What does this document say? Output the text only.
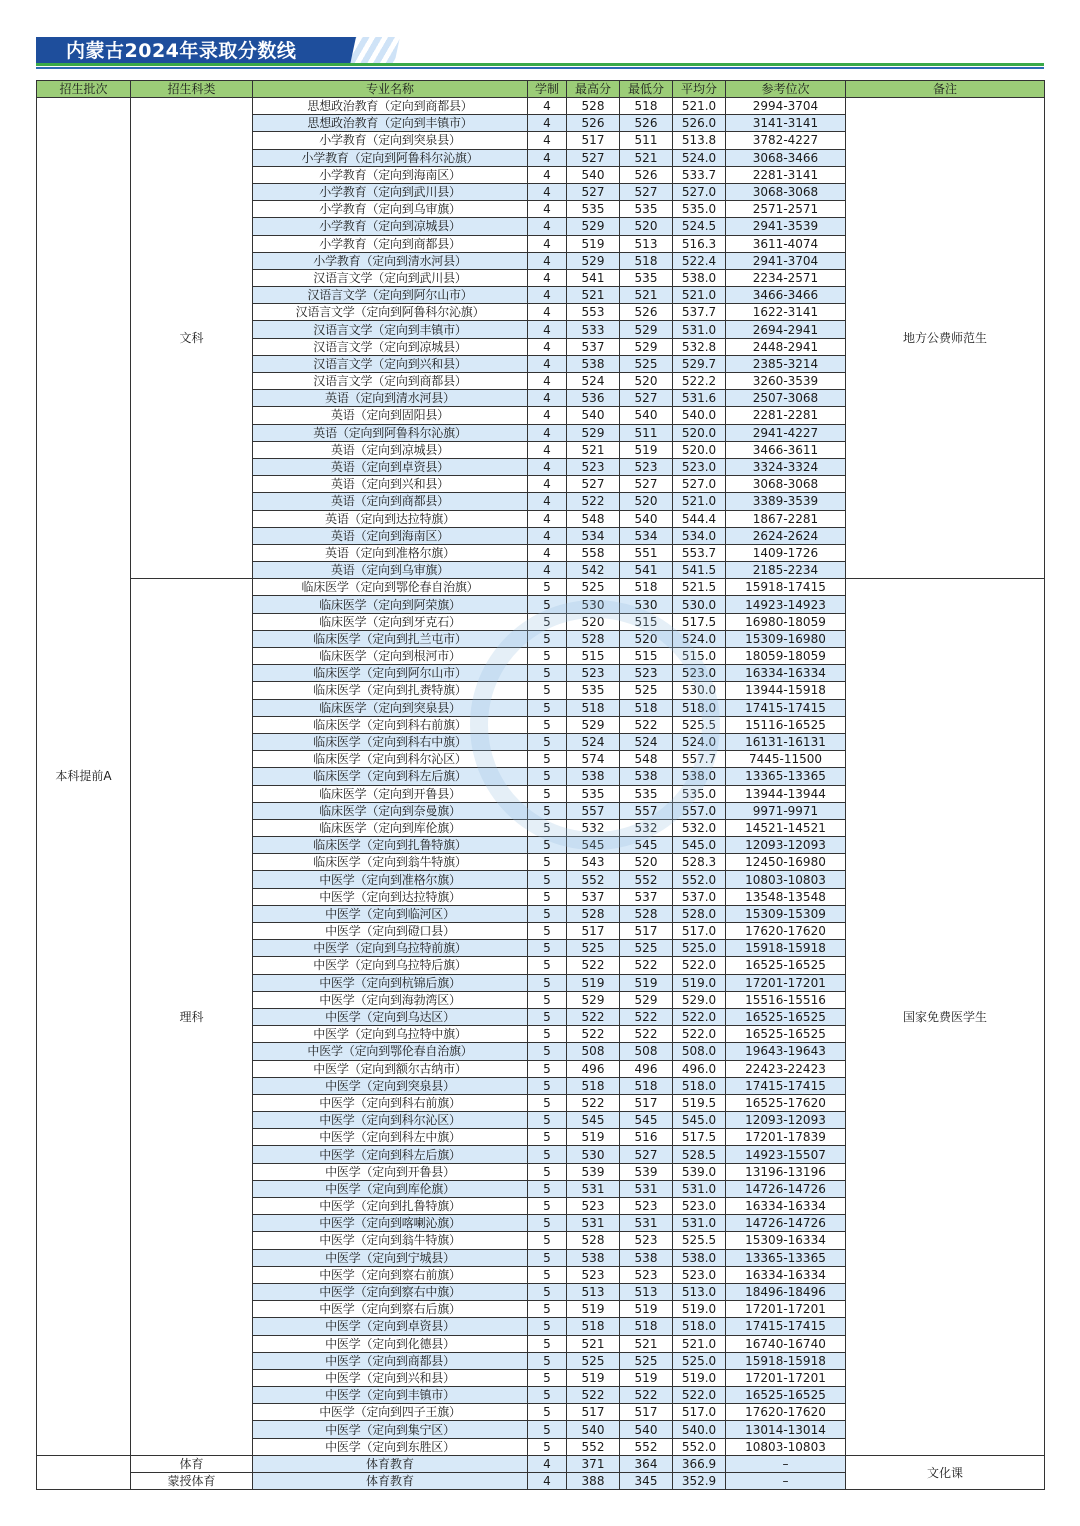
内蒙古2024年录取分数线
招生批次	招生科类	专业名称	学制	最高分	最低分	平均分	参考位次	备注
本科提前A	文科	思想政治教育（定向到商都县）	4	528	518	521.0	2994-3704	地方公费师范生
		思想政治教育（定向到丰镇市）	4	526	526	526.0	3141-3141	
		小学教育（定向到突泉县）	4	517	511	513.8	3782-4227	
		小学教育（定向到阿鲁科尔沁旗）	4	527	521	524.0	3068-3466	
		小学教育（定向到海南区）	4	540	526	533.7	2281-3141	
		小学教育（定向到武川县）	4	527	527	527.0	3068-3068	
		小学教育（定向到乌审旗）	4	535	535	535.0	2571-2571	
		小学教育（定向到凉城县）	4	529	520	524.5	2941-3539	
		小学教育（定向到商都县）	4	519	513	516.3	3611-4074	
		小学教育（定向到清水河县）	4	529	518	522.4	2941-3704	
		汉语言文学（定向到武川县）	4	541	535	538.0	2234-2571	
		汉语言文学（定向到阿尔山市）	4	521	521	521.0	3466-3466	
		汉语言文学（定向到阿鲁科尔沁旗）	4	553	526	537.7	1622-3141	
		汉语言文学（定向到丰镇市）	4	533	529	531.0	2694-2941	
		汉语言文学（定向到凉城县）	4	537	529	532.8	2448-2941	
		汉语言文学（定向到兴和县）	4	538	525	529.7	2385-3214	
		汉语言文学（定向到商都县）	4	524	520	522.2	3260-3539	
		英语（定向到清水河县）	4	536	527	531.6	2507-3068	
		英语（定向到固阳县）	4	540	540	540.0	2281-2281	
		英语（定向到阿鲁科尔沁旗）	4	529	511	520.0	2941-4227	
		英语（定向到凉城县）	4	521	519	520.0	3466-3611	
		英语（定向到卓资县）	4	523	523	523.0	3324-3324	
		英语（定向到兴和县）	4	527	527	527.0	3068-3068	
		英语（定向到商都县）	4	522	520	521.0	3389-3539	
		英语（定向到达拉特旗）	4	548	540	544.4	1867-2281	
		英语（定向到海南区）	4	534	534	534.0	2624-2624	
		英语（定向到准格尔旗）	4	558	551	553.7	1409-1726	
		英语（定向到乌审旗）	4	542	541	541.5	2185-2234	
	理科	临床医学（定向到鄂伦春自治旗）	5	525	518	521.5	15918-17415	国家免费医学生
		临床医学（定向到阿荣旗）	5	530	530	530.0	14923-14923	
		临床医学（定向到牙克石）	5	520	515	517.5	16980-18059	
		临床医学（定向到扎兰屯市）	5	528	520	524.0	15309-16980	
		临床医学（定向到根河市）	5	515	515	515.0	18059-18059	
		临床医学（定向到阿尔山市）	5	523	523	523.0	16334-16334	
		临床医学（定向到扎赉特旗）	5	535	525	530.0	13944-15918	
		临床医学（定向到突泉县）	5	518	518	518.0	17415-17415	
		临床医学（定向到科右前旗）	5	529	522	525.5	15116-16525	
		临床医学（定向到科右中旗）	5	524	524	524.0	16131-16131	
		临床医学（定向到科尔沁区）	5	574	548	557.7	7445-11500	
		临床医学（定向到科左后旗）	5	538	538	538.0	13365-13365	
		临床医学（定向到开鲁县）	5	535	535	535.0	13944-13944	
		临床医学（定向到奈曼旗）	5	557	557	557.0	9971-9971	
		临床医学（定向到库伦旗）	5	532	532	532.0	14521-14521	
		临床医学（定向到扎鲁特旗）	5	545	545	545.0	12093-12093	
		临床医学（定向到翁牛特旗）	5	543	520	528.3	12450-16980	
		中医学（定向到准格尔旗）	5	552	552	552.0	10803-10803	
		中医学（定向到达拉特旗）	5	537	537	537.0	13548-13548	
		中医学（定向到临河区）	5	528	528	528.0	15309-15309	
		中医学（定向到磴口县）	5	517	517	517.0	17620-17620	
		中医学（定向到乌拉特前旗）	5	525	525	525.0	15918-15918	
		中医学（定向到乌拉特后旗）	5	522	522	522.0	16525-16525	
		中医学（定向到杭锦后旗）	5	519	519	519.0	17201-17201	
		中医学（定向到海勃湾区）	5	529	529	529.0	15516-15516	
		中医学（定向到乌达区）	5	522	522	522.0	16525-16525	
		中医学（定向到乌拉特中旗）	5	522	522	522.0	16525-16525	
		中医学（定向到鄂伦春自治旗）	5	508	508	508.0	19643-19643	
		中医学（定向到额尔古纳市）	5	496	496	496.0	22423-22423	
		中医学（定向到突泉县）	5	518	518	518.0	17415-17415	
		中医学（定向到科右前旗）	5	522	517	519.5	16525-17620	
		中医学（定向到科尔沁区）	5	545	545	545.0	12093-12093	
		中医学（定向到科左中旗）	5	519	516	517.5	17201-17839	
		中医学（定向到科左后旗）	5	530	527	528.5	14923-15507	
		中医学（定向到开鲁县）	5	539	539	539.0	13196-13196	
		中医学（定向到库伦旗）	5	531	531	531.0	14726-14726	
		中医学（定向到扎鲁特旗）	5	523	523	523.0	16334-16334	
		中医学（定向到喀喇沁旗）	5	531	531	531.0	14726-14726	
		中医学（定向到翁牛特旗）	5	528	523	525.5	15309-16334	
		中医学（定向到宁城县）	5	538	538	538.0	13365-13365	
		中医学（定向到察右前旗）	5	523	523	523.0	16334-16334	
		中医学（定向到察右中旗）	5	513	513	513.0	18496-18496	
		中医学（定向到察右后旗）	5	519	519	519.0	17201-17201	
		中医学（定向到卓资县）	5	518	518	518.0	17415-17415	
		中医学（定向到化德县）	5	521	521	521.0	16740-16740	
		中医学（定向到商都县）	5	525	525	525.0	15918-15918	
		中医学（定向到兴和县）	5	519	519	519.0	17201-17201	
		中医学（定向到丰镇市）	5	522	522	522.0	16525-16525	
		中医学（定向到四子王旗）	5	517	517	517.0	17620-17620	
		中医学（定向到集宁区）	5	540	540	540.0	13014-13014	
		中医学（定向到东胜区）	5	552	552	552.0	10803-10803	
	体育	体育教育	4	371	364	366.9	–	文化课
	蒙授体育	体育教育	4	388	345	352.9	–	
